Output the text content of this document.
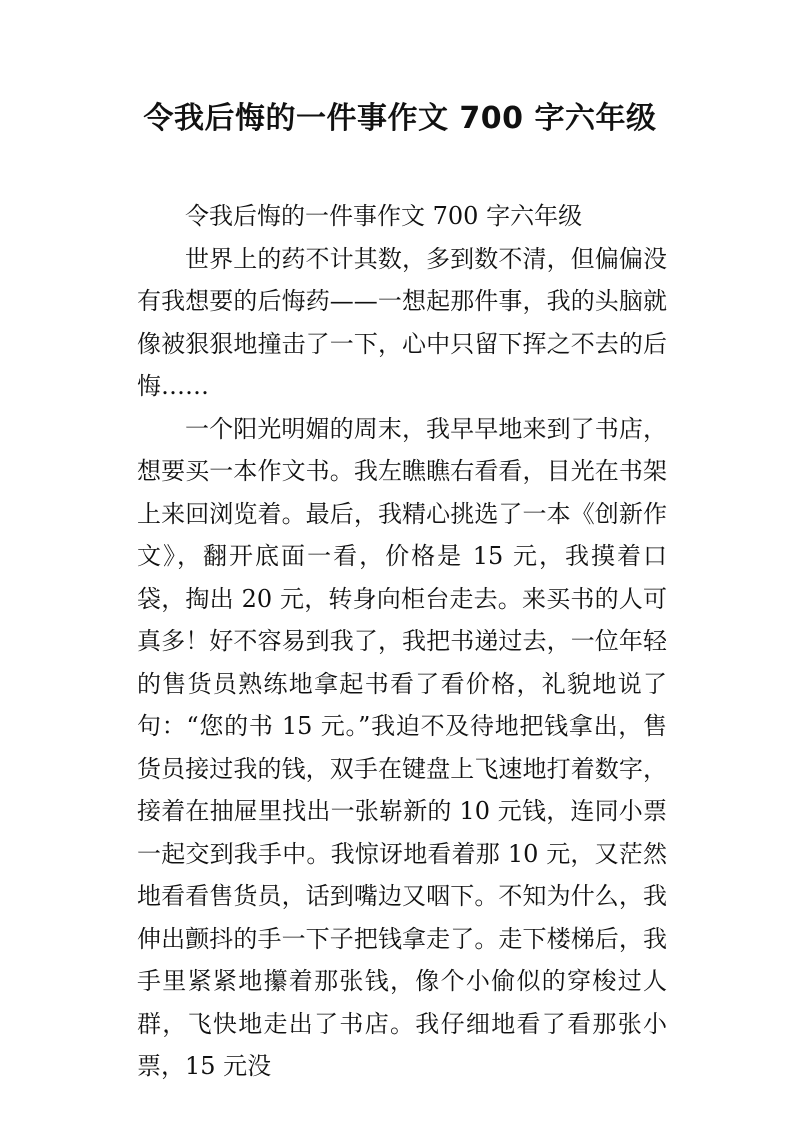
令我后悔的一件事作文 700 字六年级

令我后悔的一件事作文 700 字六年级

世界上的药不计其数，多到数不清，但偏偏没有我想要的后悔药——一想起那件事，我的头脑就像被狠狠地撞击了一下，心中只留下挥之不去的后悔……

一个阳光明媚的周末，我早早地来到了书店，想要买一本作文书。我左瞧瞧右看看，目光在书架上来回浏览着。最后，我精心挑选了一本《创新作文》，翻开底面一看，价格是 15 元，我摸着口袋，掏出 20 元，转身向柜台走去。来买书的人可真多！好不容易到我了，我把书递过去，一位年轻的售货员熟练地拿起书看了看价格，礼貌地说了句：“您的书 15 元。”我迫不及待地把钱拿出，售货员接过我的钱，双手在键盘上飞速地打着数字，接着在抽屉里找出一张崭新的 10 元钱，连同小票一起交到我手中。我惊讶地看着那 10 元，又茫然地看看售货员，话到嘴边又咽下。不知为什么，我伸出颤抖的手一下子把钱拿走了。走下楼梯后，我手里紧紧地攥着那张钱，像个小偷似的穿梭过人群，飞快地走出了书店。我仔细地看了看那张小票，15 元没
